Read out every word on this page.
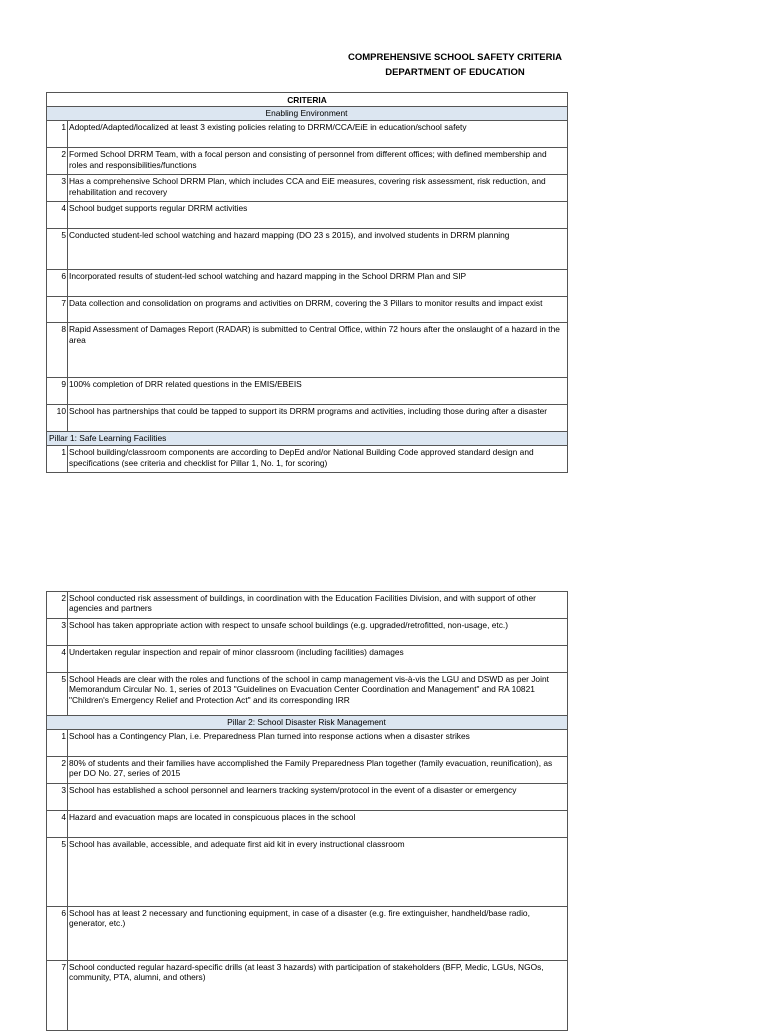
COMPREHENSIVE SCHOOL SAFETY CRITERIA
DEPARTMENT OF EDUCATION
CRITERIA	
Enabling Environment	
1	Adopted/Adapted/localized at least 3 existing policies relating to DRRM/CCA/EiE in education/school safety
2	Formed School DRRM Team, with a focal person and consisting of personnel from different offices; with defined membership and roles and responsibilities/functions
3	Has a comprehensive School DRRM Plan, which includes CCA and EiE measures, covering risk assessment, risk reduction, and rehabilitation and recovery
4	School budget supports regular DRRM activities
5	Conducted student-led school watching and hazard mapping (DO 23 s 2015), and involved students in DRRM planning
6	Incorporated results of student-led school watching and hazard mapping in the School DRRM Plan and SIP
7	Data collection and consolidation on programs and activities on DRRM, covering the 3 Pillars to monitor results and impact exist
8	Rapid Assessment of Damages Report (RADAR) is submitted to Central Office, within 72 hours after the onslaught of a hazard in the area
9	100% completion of DRR related questions in the EMIS/EBEIS
10	School has partnerships that could be tapped to support its DRRM programs and activities, including those during after a disaster
Pillar 1: Safe Learning Facilities	
1	School building/classroom components are according to DepEd and/or National Building Code approved standard design and specifications (see criteria and checklist for Pillar 1, No. 1, for scoring)
2	School conducted risk assessment of buildings, in coordination with the Education Facilities Division, and with support of other agencies and partners
3	School has taken appropriate action with respect to unsafe school buildings (e.g. upgraded/retrofitted, non-usage, etc.)
4	Undertaken regular inspection and repair of minor classroom (including facilities) damages
5	School Heads are clear with the roles and functions of the school in camp management vis-à-vis the LGU and DSWD as per Joint Memorandum Circular No. 1, series of 2013 "Guidelines on Evacuation Center Coordination and Management" and RA 10821 "Children's Emergency Relief and Protection Act" and its corresponding IRR
Pillar 2: School Disaster Risk Management	
1	School has a Contingency Plan, i.e. Preparedness Plan turned into response actions when a disaster strikes
2	80% of students and their families have accomplished the Family Preparedness Plan together (family evacuation, reunification), as per DO No. 27, series of 2015
3	School has established a school personnel and learners tracking system/protocol in the event of a disaster or emergency
4	Hazard and evacuation maps are located in conspicuous places in the school
5	School has available, accessible, and adequate first aid kit in every instructional classroom
6	School has at least 2 necessary and functioning equipment, in case of a disaster (e.g. fire extinguisher, handheld/base radio, generator, etc.)
7	School conducted regular hazard-specific drills (at least 3 hazards) with participation of stakeholders (BFP, Medic, LGUs, NGOs, community, PTA, alumni, and others)
